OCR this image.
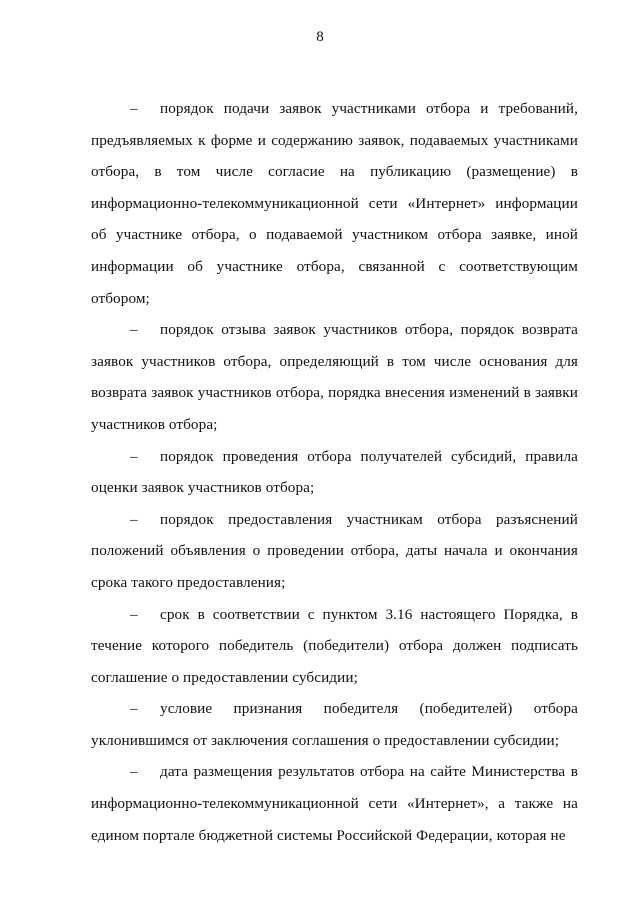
8

– порядок подачи заявок участниками отбора и требований, предъявляемых к форме и содержанию заявок, подаваемых участниками отбора, в том числе согласие на публикацию (размещение) в информационно-телекоммуникационной сети «Интернет» информации об участнике отбора, о подаваемой участником отбора заявке, иной информации об участнике отбора, связанной с соответствующим отбором;

– порядок отзыва заявок участников отбора, порядок возврата заявок участников отбора, определяющий в том числе основания для возврата заявок участников отбора, порядка внесения изменений в заявки участников отбора;

– порядок проведения отбора получателей субсидий, правила оценки заявок участников отбора;

– порядок предоставления участникам отбора разъяснений положений объявления о проведении отбора, даты начала и окончания срока такого предоставления;

– срок в соответствии с пунктом 3.16 настоящего Порядка, в течение которого победитель (победители) отбора должен подписать соглашение о предоставлении субсидии;

– условие признания победителя (победителей) отбора уклонившимся от заключения соглашения о предоставлении субсидии;

– дата размещения результатов отбора на сайте Министерства в информационно-телекоммуникационной сети «Интернет», а также на едином портале бюджетной системы Российской Федерации, которая не
